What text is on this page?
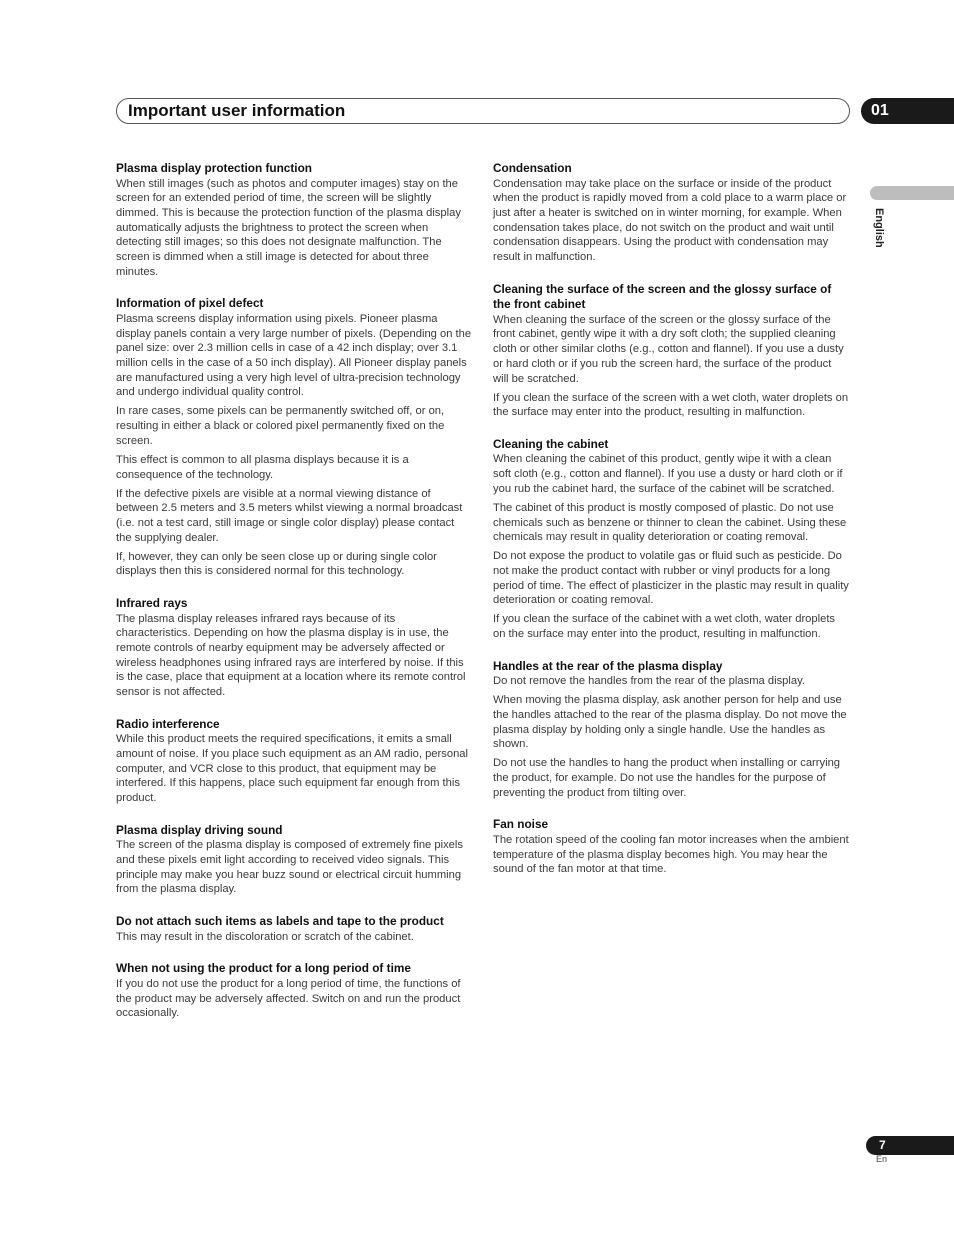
Important user information	01
English
Plasma display protection function

When still images (such as photos and computer images) stay on the screen for an extended period of time, the screen will be slightly dimmed. This is because the protection function of the plasma display automatically adjusts the brightness to protect the screen when detecting still images; so this does not designate malfunction. The screen is dimmed when a still image is detected for about three minutes.

Information of pixel defect

Plasma screens display information using pixels. Pioneer plasma display panels contain a very large number of pixels. (Depending on the panel size: over 2.3 million cells in case of a 42 inch display; over 3.1 million cells in the case of a 50 inch display). All Pioneer display panels are manufactured using a very high level of ultra-precision technology and undergo individual quality control.

In rare cases, some pixels can be permanently switched off, or on, resulting in either a black or colored pixel permanently fixed on the screen.

This effect is common to all plasma displays because it is a consequence of the technology.

If the defective pixels are visible at a normal viewing distance of between 2.5 meters and 3.5 meters whilst viewing a normal broadcast (i.e. not a test card, still image or single color display) please contact the supplying dealer.

If, however, they can only be seen close up or during single color displays then this is considered normal for this technology.

Infrared rays

The plasma display releases infrared rays because of its characteristics. Depending on how the plasma display is in use, the remote controls of nearby equipment may be adversely affected or wireless headphones using infrared rays are interfered by noise. If this is the case, place that equipment at a location where its remote control sensor is not affected.

Radio interference

While this product meets the required specifications, it emits a small amount of noise. If you place such equipment as an AM radio, personal computer, and VCR close to this product, that equipment may be interfered. If this happens, place such equipment far enough from this product.

Plasma display driving sound

The screen of the plasma display is composed of extremely fine pixels and these pixels emit light according to received video signals. This principle may make you hear buzz sound or electrical circuit humming from the plasma display.

Do not attach such items as labels and tape to the product

This may result in the discoloration or scratch of the cabinet.

When not using the product for a long period of time

If you do not use the product for a long period of time, the functions of the product may be adversely affected. Switch on and run the product occasionally.

Condensation

Condensation may take place on the surface or inside of the product when the product is rapidly moved from a cold place to a warm place or just after a heater is switched on in winter morning, for example. When condensation takes place, do not switch on the product and wait until condensation disappears. Using the product with condensation may result in malfunction.

Cleaning the surface of the screen and the glossy surface of the front cabinet

When cleaning the surface of the screen or the glossy surface of the front cabinet, gently wipe it with a dry soft cloth; the supplied cleaning cloth or other similar cloths (e.g., cotton and flannel). If you use a dusty or hard cloth or if you rub the screen hard, the surface of the product will be scratched.

If you clean the surface of the screen with a wet cloth, water droplets on the surface may enter into the product, resulting in malfunction.

Cleaning the cabinet

When cleaning the cabinet of this product, gently wipe it with a clean soft cloth (e.g., cotton and flannel). If you use a dusty or hard cloth or if you rub the cabinet hard, the surface of the cabinet will be scratched.

The cabinet of this product is mostly composed of plastic. Do not use chemicals such as benzene or thinner to clean the cabinet. Using these chemicals may result in quality deterioration or coating removal.

Do not expose the product to volatile gas or fluid such as pesticide. Do not make the product contact with rubber or vinyl products for a long period of time. The effect of plasticizer in the plastic may result in quality deterioration or coating removal.

If you clean the surface of the cabinet with a wet cloth, water droplets on the surface may enter into the product, resulting in malfunction.

Handles at the rear of the plasma display

Do not remove the handles from the rear of the plasma display.

When moving the plasma display, ask another person for help and use the handles attached to the rear of the plasma display. Do not move the plasma display by holding only a single handle. Use the handles as shown.

Do not use the handles to hang the product when installing or carrying the product, for example. Do not use the handles for the purpose of preventing the product from tilting over.

Fan noise

The rotation speed of the cooling fan motor increases when the ambient temperature of the plasma display becomes high. You may hear the sound of the fan motor at that time.

7
En
